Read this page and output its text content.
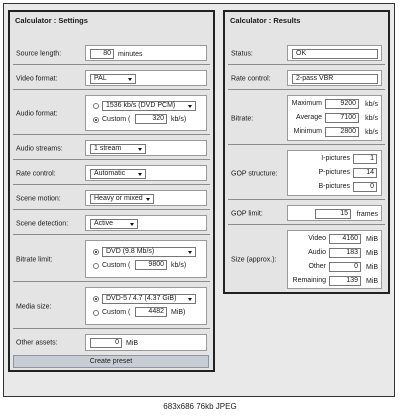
Calculator : Settings
Source length:	80	minutes
Video format:	PAL
Audio format:
1536 kb/s (DVD PCM)
Custom (	320	kb/s)
Audio streams:	1 stream
Rate control:	Automatic
Scene motion:	Heavy or mixed
Scene detection:	Active
Bitrate limit:
DVD (9.8 Mb/s)
Custom (	9800	kb/s)
Media size:
DVD-5 / 4.7 (4.37 GiB)
Custom (	4482	MiB)
Other assets:	0	MiB
Create preset
Calculator : Results
Status:	OK
Rate control:	2-pass VBR
Bitrate:
Maximum	9200	kb/s
Average	7100	kb/s
Minimum	2800	kb/s
GOP structure:
I-pictures	1
P-pictures	14
B-pictures	0
GOP limit:	15	frames
Size (approx.):
Video	4160	MiB
Audio	183	MiB
Other	0	MiB
Remaining	139	MiB
683x686 76kb JPEG
